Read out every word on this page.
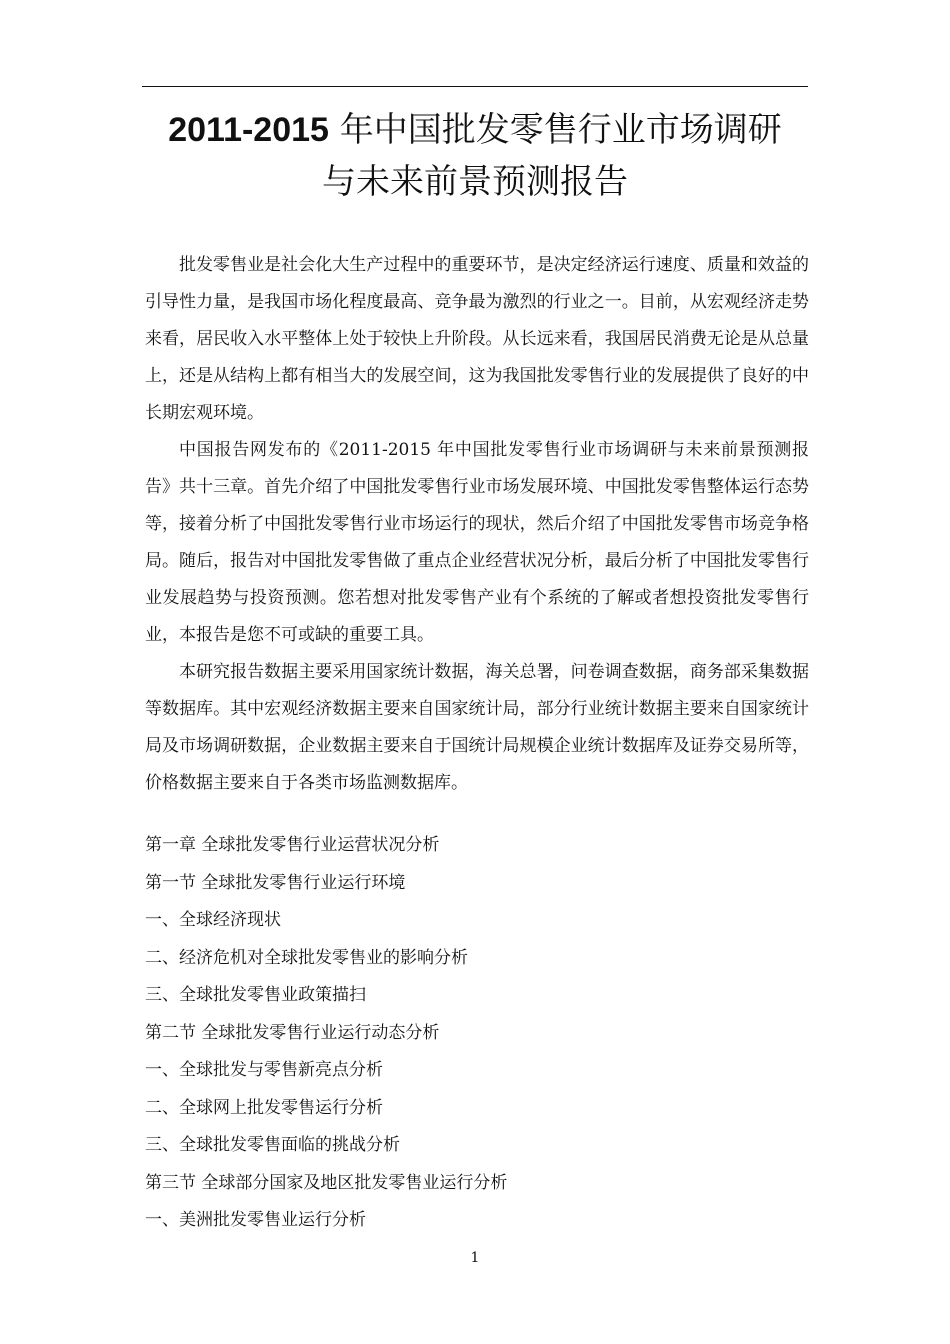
2011-2015 年中国批发零售行业市场调研
与未来前景预测报告

批发零售业是社会化大生产过程中的重要环节，是决定经济运行速度、质量和效益的引导性力量，是我国市场化程度最高、竞争最为激烈的行业之一。目前，从宏观经济走势来看，居民收入水平整体上处于较快上升阶段。从长远来看，我国居民消费无论是从总量上，还是从结构上都有相当大的发展空间，这为我国批发零售行业的发展提供了良好的中长期宏观环境。

中国报告网发布的《2011-2015 年中国批发零售行业市场调研与未来前景预测报告》共十三章。首先介绍了中国批发零售行业市场发展环境、中国批发零售整体运行态势等，接着分析了中国批发零售行业市场运行的现状，然后介绍了中国批发零售市场竞争格局。随后，报告对中国批发零售做了重点企业经营状况分析，最后分析了中国批发零售行业发展趋势与投资预测。您若想对批发零售产业有个系统的了解或者想投资批发零售行业，本报告是您不可或缺的重要工具。

本研究报告数据主要采用国家统计数据，海关总署，问卷调查数据，商务部采集数据等数据库。其中宏观经济数据主要来自国家统计局，部分行业统计数据主要来自国家统计局及市场调研数据，企业数据主要来自于国统计局规模企业统计数据库及证券交易所等，价格数据主要来自于各类市场监测数据库。

第一章 全球批发零售行业运营状况分析
第一节 全球批发零售行业运行环境
一、全球经济现状
二、经济危机对全球批发零售业的影响分析
三、全球批发零售业政策描扫
第二节 全球批发零售行业运行动态分析
一、全球批发与零售新亮点分析
二、全球网上批发零售运行分析
三、全球批发零售面临的挑战分析
第三节 全球部分国家及地区批发零售业运行分析
一、美洲批发零售业运行分析
1
